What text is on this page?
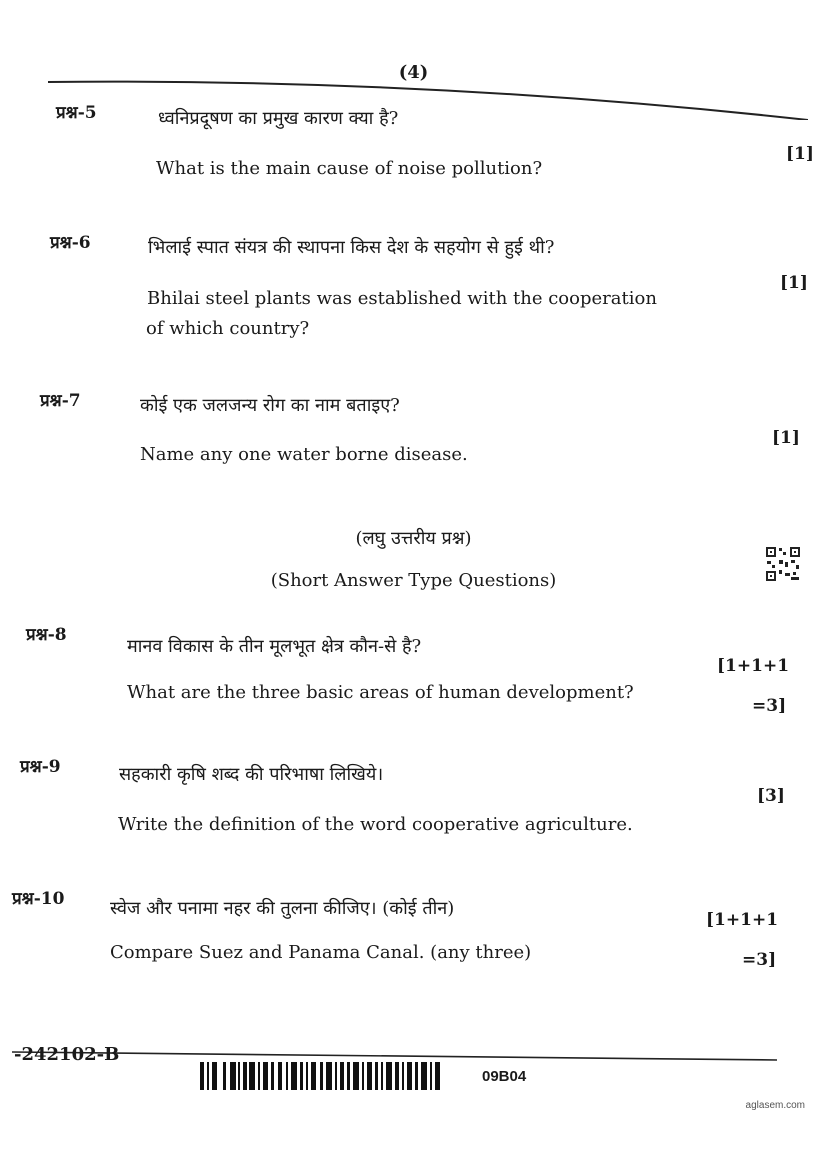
(4)
प्रश्न-5	ध्वनिप्रदूषण का प्रमुख कारण क्या है?
What is the main cause of noise pollution?
[1]
प्रश्न-6	भिलाई स्पात संयत्र की स्थापना किस देश के सहयोग से हुई थी?
Bhilai steel plants was established with the cooperation
of which country?
[1]
प्रश्न-7	कोई एक जलजन्य रोग का नाम बताइए?
Name any one water borne disease.
[1]
(लघु उत्तरीय प्रश्न)
(Short Answer Type Questions)
प्रश्न-8
मानव विकास के तीन मूलभूत क्षेत्र कौन-से है?
What are the three basic areas of human development?
[1+1+1
=3]
प्रश्न-9	सहकारी कृषि शब्द की परिभाषा लिखिये।
Write the definition of the word cooperative agriculture.
[3]
प्रश्न-10	स्वेज और पनामा नहर की तुलना कीजिए। (कोई तीन)
Compare Suez and Panama Canal. (any three)
[1+1+1
=3]
-242102-B
09B04
aglasem.com
